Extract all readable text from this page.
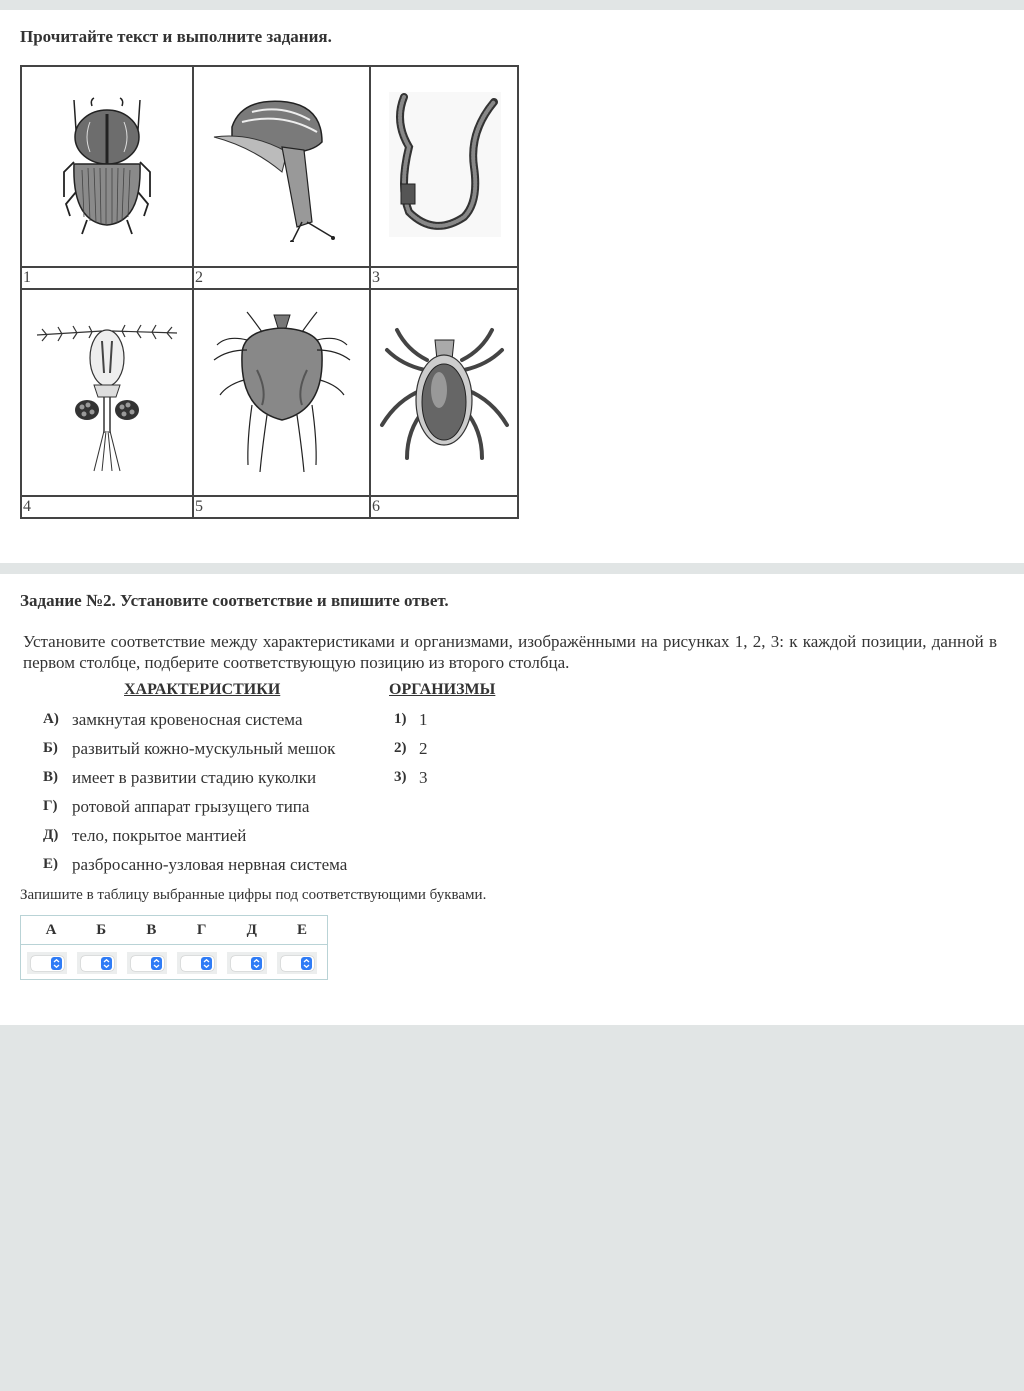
Прочитайте текст и выполните задания.

1	2	3

4	5	6
Задание №2. Установите соответствие и впишите ответ.
Установите соответствие между характеристиками и организмами, изображёнными на рисунках 1, 2, 3: к каждой позиции, данной в первом столбце, подберите соответствующую позицию из второго столбца.
ХАРАКТЕРИСТИКИ	ОРГАНИЗМЫ
А) замкнутая кровеносная система
Б) развитый кожно-мускульный мешок
В) имеет в развитии стадию куколки
Г) ротовой аппарат грызущего типа
Д) тело, покрытое мантией
Е) разбросанно-узловая нервная система
1) 1
2) 2
3) 3
Запишите в таблицу выбранные цифры под соответствующими буквами.
А	Б	В	Г	Д	Е
